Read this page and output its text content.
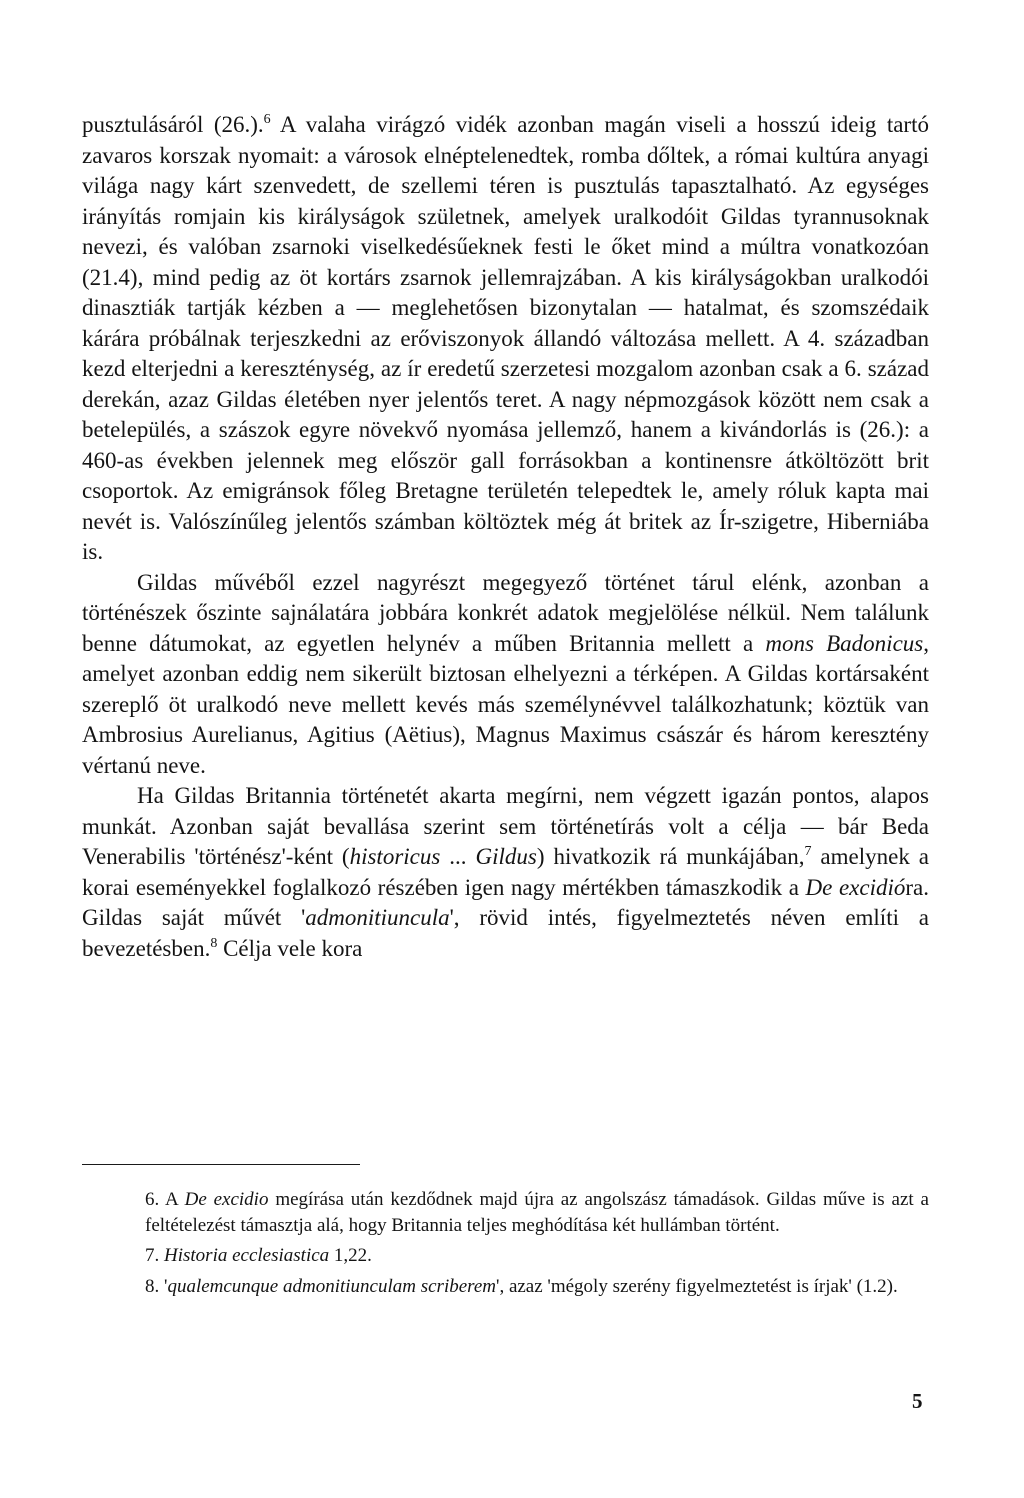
pusztulásáról (26.).$^6$ A valaha virágzó vidék azonban magán viseli a hosszú ideig tartó zavaros korszak nyomait: a városok elnéptelenedtek, romba dőltek, a római kultúra anyagi világa nagy kárt szenvedett, de szellemi téren is pusztulás tapasztalható. Az egységes irányítás romjain kis királyságok születnek, amelyek uralkodóit Gildas tyrannusoknak nevezi, és valóban zsarnoki viselkedésűeknek festi le őket mind a múltra vonatkozóan (21.4), mind pedig az öt kortárs zsarnok jellemrajzában. A kis királyságokban uralkodói dinasztiák tartják kézben a — meglehetősen bizonytalan — hatalmat, és szomszédaik kárára próbálnak terjeszkedni az erőviszonyok állandó változása mellett. A 4. században kezd elterjedni a kereszténység, az ír eredetű szerzetesi mozgalom azonban csak a 6. század derekán, azaz Gildas életében nyer jelentős teret. A nagy népmozgások között nem csak a betelepülés, a szászok egyre növekvő nyomása jellemző, hanem a kivándorlás is (26.): a 460-as években jelennek meg először gall forrásokban a kontinensre átköltözött brit csoportok. Az emigránsok főleg Bretagne területén telepedtek le, amely róluk kapta mai nevét is. Valószínűleg jelentős számban költöztek még át britek az Ír-szigetre, Hiberniába is.

Gildas művéből ezzel nagyrészt megegyező történet tárul elénk, azonban a történészek őszinte sajnálatára jobbára konkrét adatok megjelölése nélkül. Nem találunk benne dátumokat, az egyetlen helynév a műben Britannia mellett a mons Badonicus, amelyet azonban eddig nem sikerült biztosan elhelyezni a térképen. A Gildas kortársaként szereplő öt uralkodó neve mellett kevés más személynévvel találkozhatunk; köztük van Ambrosius Aurelianus, Agitius (Aëtius), Magnus Maximus császár és három keresztény vértanú neve.

Ha Gildas Britannia történetét akarta megírni, nem végzett igazán pontos, alapos munkát. Azonban saját bevallása szerint sem történetírás volt a célja — bár Beda Venerabilis 'történész'-ként (historicus ... Gildus) hivatkozik rá munkájában,$^7$ amelynek a korai eseményekkel foglalkozó részében igen nagy mértékben támaszkodik a De excidióra. Gildas saját művét 'admonitiuncula', rövid intés, figyelmeztetés néven említi a bevezetésben.$^8$ Célja vele kora

6. A De excidio megírása után kezdődnek majd újra az angolszász támadások. Gildas műve is azt a feltételezést támasztja alá, hogy Britannia teljes meghódítása két hullámban történt.

7. Historia ecclesiastica 1,22.

8. 'qualemcunque admonitiunculam scriberem', azaz 'mégoly szerény figyelmeztetést is írjak' (1.2).

5
